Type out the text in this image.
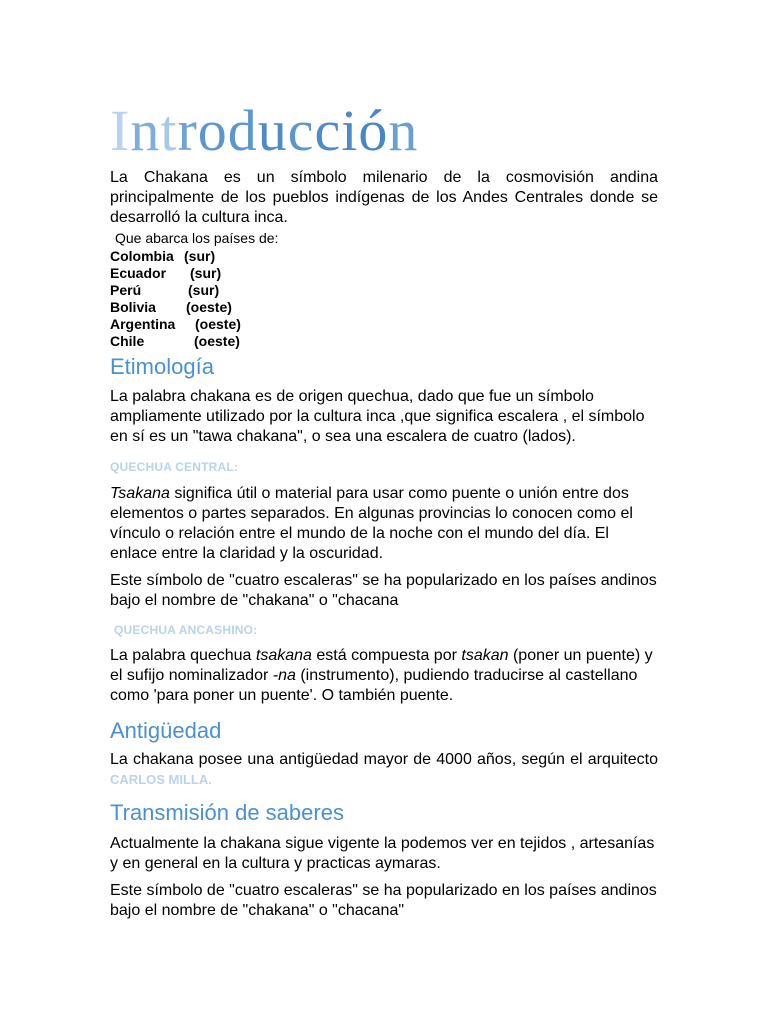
Introducción

La Chakana es un símbolo milenario de la cosmovisión andina principalmente de los pueblos indígenas de los Andes Centrales donde se desarrolló la cultura inca.

Que abarca los países de:

Colombia (sur)
Ecuador	(sur)
Perú	(sur)
Bolivia	(oeste)
Argentina	(oeste)
Chile	(oeste)
Etimología

La palabra chakana es de origen quechua, dado que fue un símbolo ampliamente utilizado por la cultura inca ,que significa escalera , el símbolo en sí es un "tawa chakana", o sea una escalera de cuatro (lados).

QUECHUA CENTRAL:

Tsakana significa útil o material para usar como puente o unión entre dos elementos o partes separados. En algunas provincias lo conocen como el vínculo o relación entre el mundo de la noche con el mundo del día. El enlace entre la claridad y la oscuridad.

Este símbolo de "cuatro escaleras" se ha popularizado en los países andinos bajo el nombre de "chakana" o "chacana

QUECHUA ANCASHINO:

La palabra quechua tsakana está compuesta por tsakan (poner un puente) y el sufijo nominalizador -na (instrumento), pudiendo traducirse al castellano como 'para poner un puente'. O también puente.

Antigüedad

La chakana posee una antigüedad mayor de 4000 años, según el arquitecto CARLOS MILLA.

Transmisión de saberes

Actualmente la chakana sigue vigente la podemos ver en tejidos , artesanías y en general en la cultura y practicas aymaras.

Este símbolo de "cuatro escaleras" se ha popularizado en los países andinos bajo el nombre de "chakana" o "chacana"
